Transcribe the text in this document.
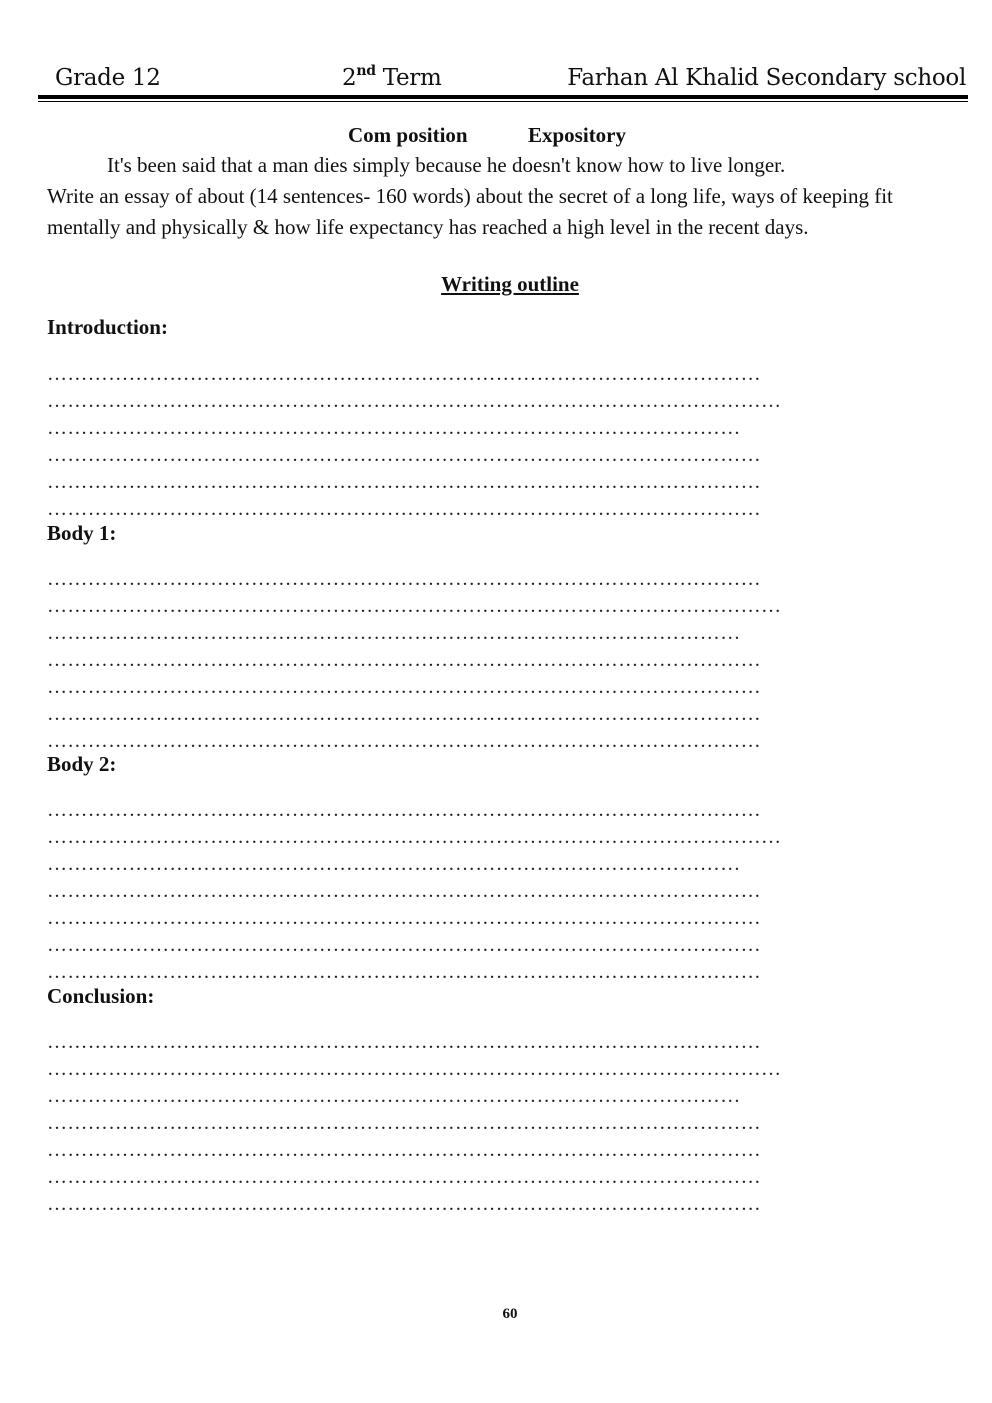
Grade 12	2nd Term	Farhan Al Khalid Secondary school
Com position	Expository

It's been said that a man dies simply because he doesn't know how to live longer.
Write an essay of about (14 sentences- 160 words) about the secret of a long life, ways of keeping fit mentally and physically & how life expectancy has reached a high level in the recent days.

Writing outline
Introduction:
……………………………………………………………………………………………
………………………………………………………………………………………………
…………………………………………………………………………………………
……………………………………………………………………………………………
……………………………………………………………………………………………
……………………………………………………………………………………………
Body 1:
……………………………………………………………………………………………
………………………………………………………………………………………………
…………………………………………………………………………………………
……………………………………………………………………………………………
……………………………………………………………………………………………
……………………………………………………………………………………………
……………………………………………………………………………………………
Body 2:
……………………………………………………………………………………………
………………………………………………………………………………………………
…………………………………………………………………………………………
……………………………………………………………………………………………
……………………………………………………………………………………………
……………………………………………………………………………………………
……………………………………………………………………………………………
Conclusion:
……………………………………………………………………………………………
………………………………………………………………………………………………
…………………………………………………………………………………………
……………………………………………………………………………………………
……………………………………………………………………………………………
……………………………………………………………………………………………
……………………………………………………………………………………………
60
